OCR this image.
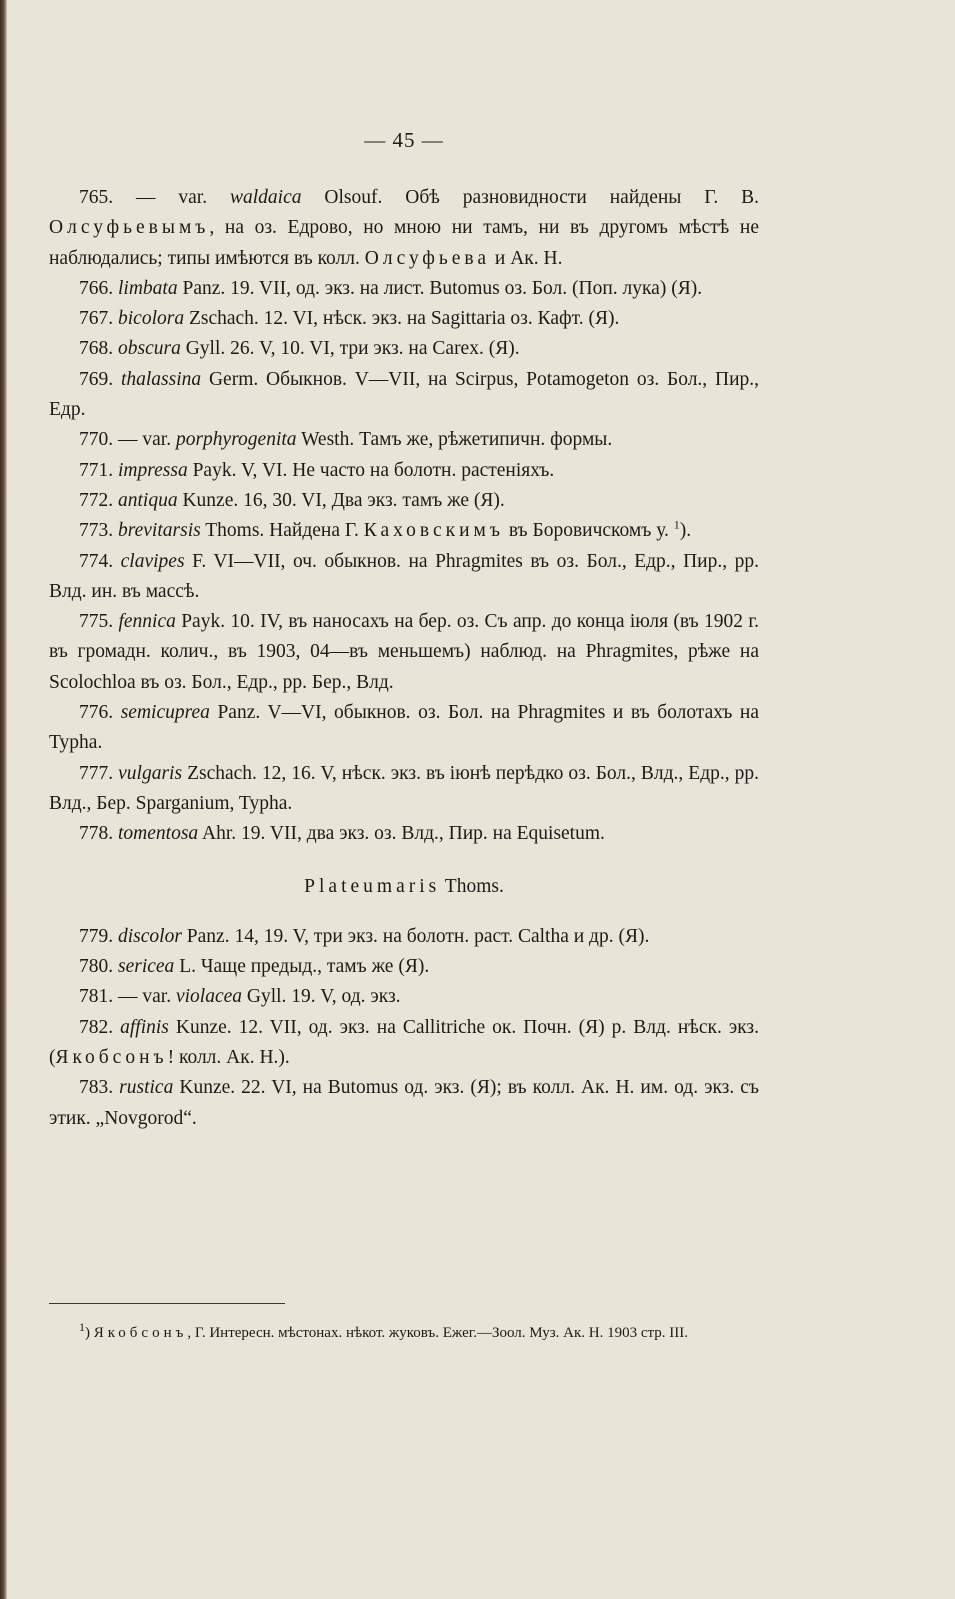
— 45 —

765. — var. waldaica Olsouf. Обѣ разновидности найдены Г. В. Олсуфьевымъ, на оз. Едрово, но мною ни тамъ, ни въ другомъ мѣстѣ не наблюдались; типы имѣются въ колл. Олсуфьева и Ак. Н.

766. limbata Panz. 19. VII, од. экз. на лист. Butomus оз. Бол. (Поп. лука) (Я).

767. bicolora Zschach. 12. VI, нѣск. экз. на Sagittaria оз. Кафт. (Я).

768. obscura Gyll. 26. V, 10. VI, три экз. на Carex. (Я).

769. thalassina Germ. Обыкнов. V—VII, на Scirpus, Potamogeton оз. Бол., Пир., Едр.

770. — var. porphyrogenita Westh. Тамъ же, рѣжетипичн. формы.

771. impressa Payk. V, VI. Не часто на болотн. растеніяхъ.

772. antiqua Kunze. 16, 30. VI, Два экз. тамъ же (Я).

773. brevitarsis Thoms. Найдена Г. Каховскимъ въ Боровичскомъ у. $^1$).

774. clavipes F. VI—VII, оч. обыкнов. на Phragmites въ оз. Бол., Едр., Пир., рр. Влд. ин. въ массѣ.

775. fennica Payk. 10. IV, въ наносахъ на бер. оз. Съ апр. до конца іюля (въ 1902 г. въ громадн. колич., въ 1903, 04—въ меньшемъ) наблюд. на Phragmites, рѣже на Scolochloa въ оз. Бол., Едр., рр. Бер., Влд.

776. semicuprea Panz. V—VI, обыкнов. оз. Бол. на Phragmites и въ болотахъ на Typha.

777. vulgaris Zschach. 12, 16. V, нѣск. экз. въ іюнѣ перѣдко оз. Бол., Влд., Едр., рр. Влд., Бер. Sparganium, Typha.

778. tomentosa Ahr. 19. VII, два экз. оз. Влд., Пир. на Equisetum.

Plateumaris Thoms.

779. discolor Panz. 14, 19. V, три экз. на болотн. раст. Caltha и др. (Я).

780. sericea L. Чаще предыд., тамъ же (Я).

781. — var. violacea Gyll. 19. V, од. экз.

782. affinis Kunze. 12. VII, од. экз. на Callitriche ок. Почн. (Я) р. Влд. нѣск. экз. (Якобсонъ! колл. Ак. Н.).

783. rustica Kunze. 22. VI, на Butomus од. экз. (Я); въ колл. Ак. Н. им. од. экз. съ этик. „Novgorod“.

$^1$) Якобсонъ, Г. Интересн. мѣстонах. нѣкот. жуковъ. Ежег.—Зоол. Муз. Ак. Н. 1903 стр. III.
